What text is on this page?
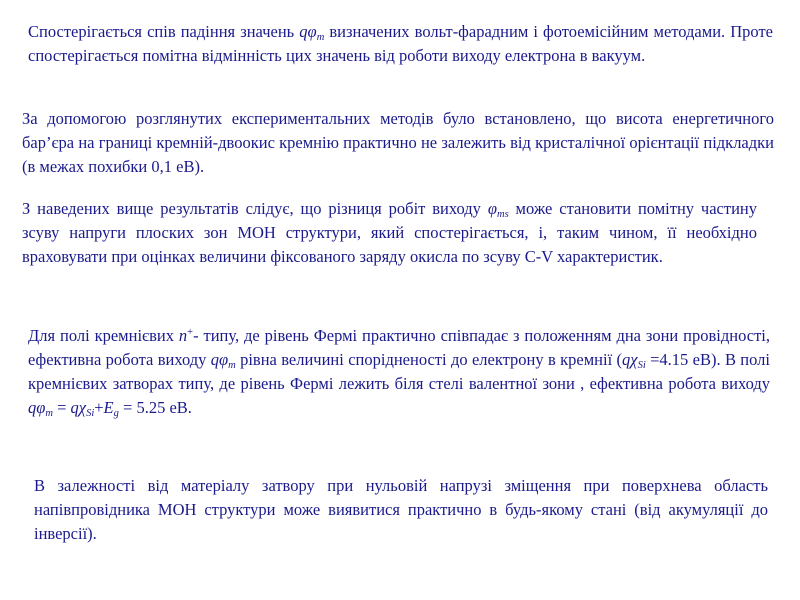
Спостерігається спів падіння значень $q\varphi_m$ визначених вольт-фарадним і фотоемісійним методами. Проте спостерігається помітна відмінність цих значень від роботи виходу електрона в вакуум.

За допомогою розглянутих експериментальних методів було встановлено, що висота енергетичного бар’єра на границі кремній-двоокис кремнію практично не залежить від кристалічної орієнтації підкладки (в межах похибки 0,1 еВ).

З наведених вище результатів слідує, що різниця робіт виходу $\varphi_{ms}$ може становити помітну частину зсуву напруги плоских зон МОН структури, який спостерігається, і, таким чином, її необхідно враховувати при оцінках величини фіксованого заряду окисла по зсуву C-V характеристик.

Для полі кремнієвих n+- типу, де рівень Фермі практично співпадає з положенням дна зони провідності, ефективна робота виходу $q\varphi_m$ рівна величині спорідненості до електрону в кремнії ($q\chi_{Si} =4.15$ еВ). В полі кремнієвих затворах типу, де рівень Фермі лежить біля стелі валентної зони , ефективна робота виходу $q\varphi_m = q\chi_{Si}+E_g = 5.25$ еВ.

В залежності від матеріалу затвору при нульовій напрузі зміщення при поверхнева область напівпровідника МОН структури може виявитися практично в будь-якому стані (від акумуляції до інверсії).
